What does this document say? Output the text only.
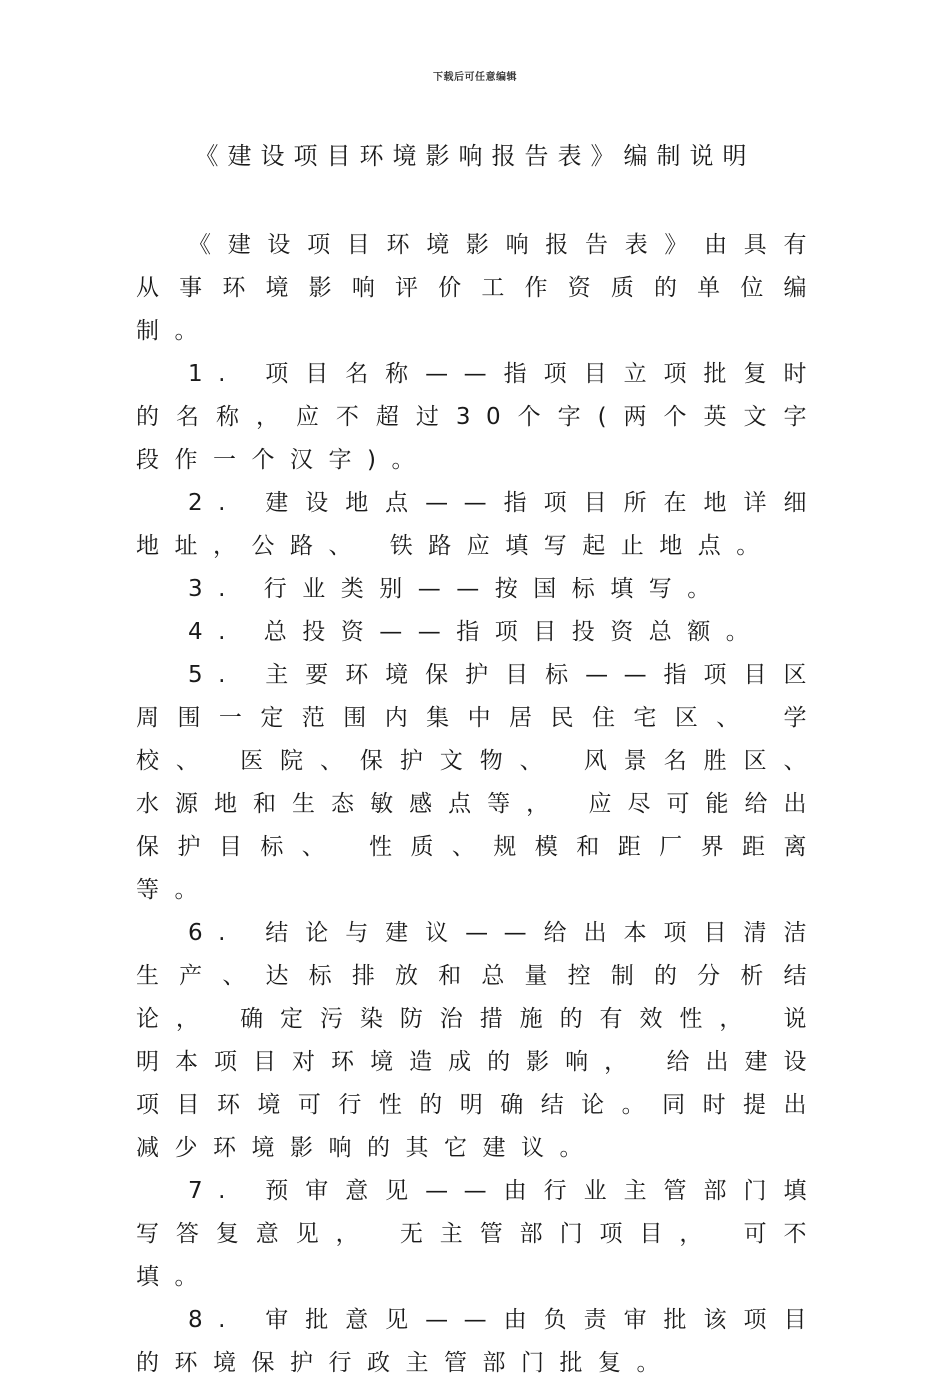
下载后可任意编辑
《建设项目环境影响报告表》编制说明

《建设项目环境影响报告表》由具有从事环境影响评价工作资质的单位编制。

1. 项目名称——指项目立项批复时的名称，应不超过30个字(两个英文字段作一个汉字)。

2. 建设地点——指项目所在地详细地址，公路、 铁路应填写起止地点。

3. 行业类别——按国标填写。

4. 总投资——指项目投资总额。

5. 主要环境保护目标——指项目区周围一定范围内集中居民住宅区、 学校、 医院、保护文物、 风景名胜区、 水源地和生态敏感点等， 应尽可能给出保护目标、 性质、规模和距厂界距离等。

6. 结论与建议——给出本项目清洁生产、达标排放和总量控制的分析结论， 确定污染防治措施的有效性， 说明本项目对环境造成的影响， 给出建设项目环境可行性的明确结论。同时提出减少环境影响的其它建议。

7. 预审意见——由行业主管部门填写答复意见， 无主管部门项目， 可不填。

8. 审批意见——由负责审批该项目的环境保护行政主管部门批复。
